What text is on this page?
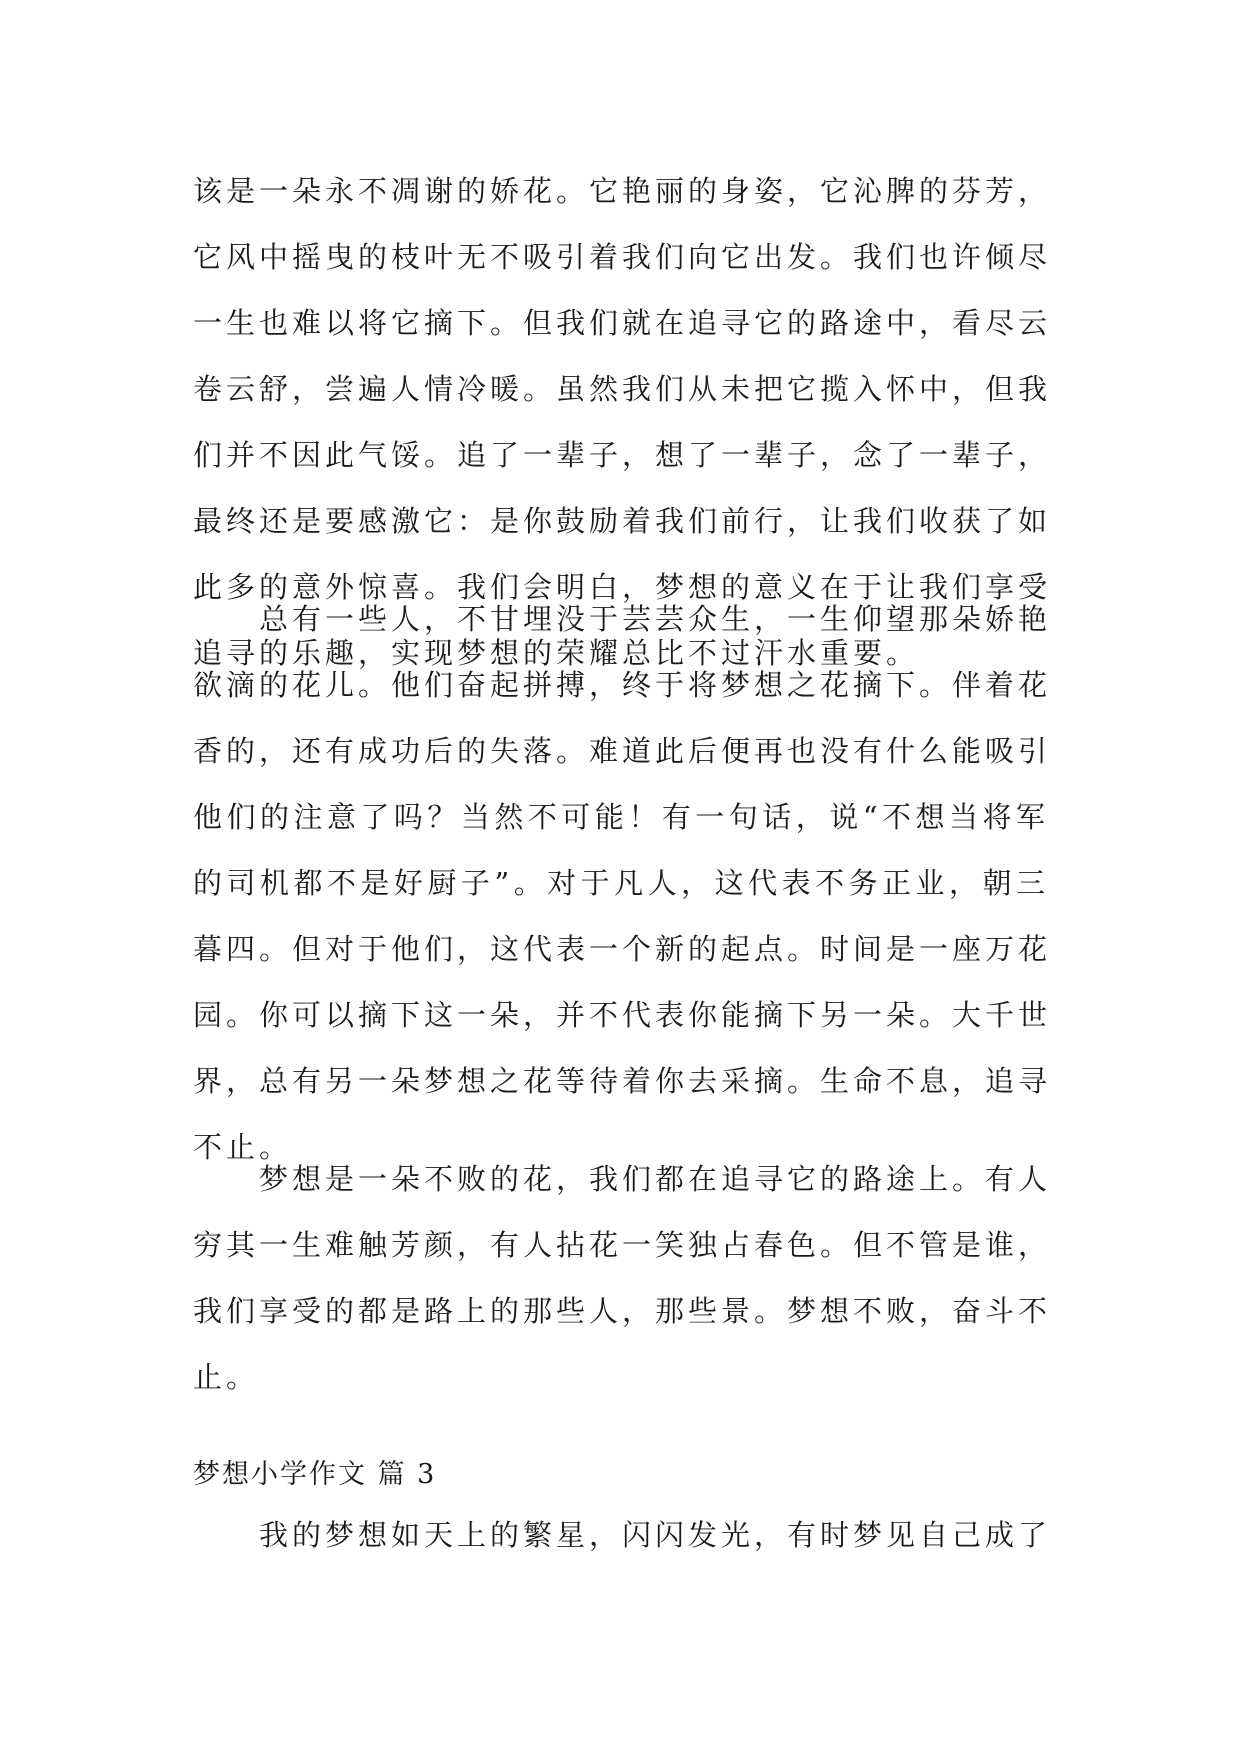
该是一朵永不凋谢的娇花。它艳丽的身姿，它沁脾的芬芳，
它风中摇曳的枝叶无不吸引着我们向它出发。我们也许倾尽
一生也难以将它摘下。但我们就在追寻它的路途中，看尽云
卷云舒，尝遍人情冷暖。虽然我们从未把它揽入怀中，但我
们并不因此气馁。追了一辈子，想了一辈子，念了一辈子，
最终还是要感激它：是你鼓励着我们前行，让我们收获了如
此多的意外惊喜。我们会明白，梦想的意义在于让我们享受
追寻的乐趣，实现梦想的荣耀总比不过汗水重要。
总有一些人，不甘埋没于芸芸众生，一生仰望那朵娇艳
欲滴的花儿。他们奋起拼搏，终于将梦想之花摘下。伴着花
香的，还有成功后的失落。难道此后便再也没有什么能吸引
他们的注意了吗？当然不可能！有一句话，说“不想当将军
的司机都不是好厨子”。对于凡人，这代表不务正业，朝三
暮四。但对于他们，这代表一个新的起点。时间是一座万花
园。你可以摘下这一朵，并不代表你能摘下另一朵。大千世
界，总有另一朵梦想之花等待着你去采摘。生命不息，追寻
不止。
梦想是一朵不败的花，我们都在追寻它的路途上。有人
穷其一生难触芳颜，有人拈花一笑独占春色。但不管是谁，
我们享受的都是路上的那些人，那些景。梦想不败，奋斗不
止。
梦想小学作文 篇 3
我的梦想如天上的繁星，闪闪发光，有时梦见自己成了
